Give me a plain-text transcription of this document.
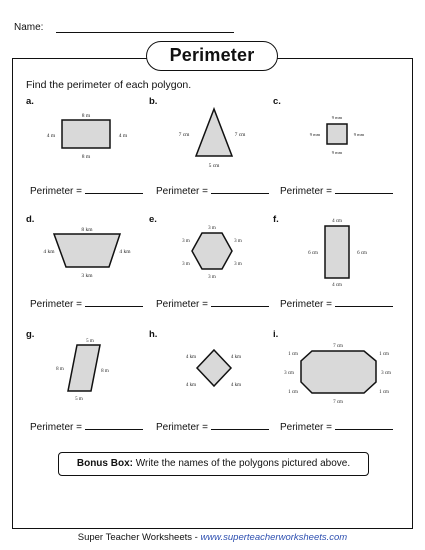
Name:
Perimeter
Find the perimeter of each polygon.
a.	b.	c.
d.	e.	f.
g.	h.	i.
8 m
4 m	4 m
8 m
7 cm	7 cm
5 cm
9 mm
9 mm	9 mm
9 mm
8 km
4 km	4 km
3 km
3 m
3 m	3 m
3 m	3 m
3 m
4 cm
6 cm	6 cm
4 cm
5 m
8 m	8 m
5 m
4 km	4 km
4 km	4 km
7 cm
1 cm	1 cm
3 cm	3 cm
1 cm	1 cm
7 cm
Perimeter =	Perimeter =	Perimeter =
Perimeter =	Perimeter =	Perimeter =
Perimeter =	Perimeter =	Perimeter =
Bonus Box: Write the names of the polygons pictured above.
Super Teacher Worksheets - www.superteacherworksheets.com
